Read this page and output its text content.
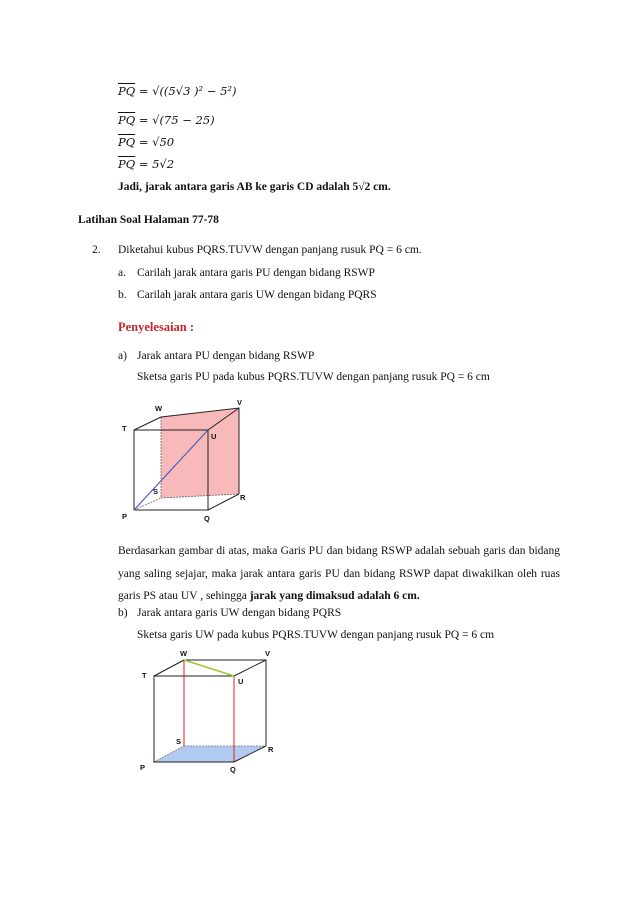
$\overline{PQ} = √((5√3$ )² − 5²)
$\overline{PQ} = √(75 - 25)$
$\overline{PQ} = √50$
$\overline{PQ} = 5√2$
Jadi, jarak antara garis AB ke garis CD adalah 5√2 cm.
Latihan Soal Halaman 77-78
2. Diketahui kubus PQRS.TUVW dengan panjang rusuk PQ = 6 cm.
a. Carilah jarak antara garis PU dengan bidang RSWP
b. Carilah jarak antara garis UW dengan bidang PQRS
Penyelesaian :
a) Jarak antara PU dengan bidang RSWP
Sketsa garis PU pada kubus PQRS.TUVW dengan panjang rusuk PQ = 6 cm
W
V
T
U
S
R
P	Q
Berdasarkan gambar di atas, maka Garis PU dan bidang RSWP adalah sebuah garis dan bidang yang saling sejajar, maka jarak antara garis PU dan bidang RSWP dapat diwakilkan oleh ruas garis PS atau UV , sehingga jarak yang dimaksud adalah 6 cm.
b) Jarak antara garis UW dengan bidang PQRS
Sketsa garis UW pada kubus PQRS.TUVW dengan panjang rusuk PQ = 6 cm
W	V
T
U
S
R
P	Q
